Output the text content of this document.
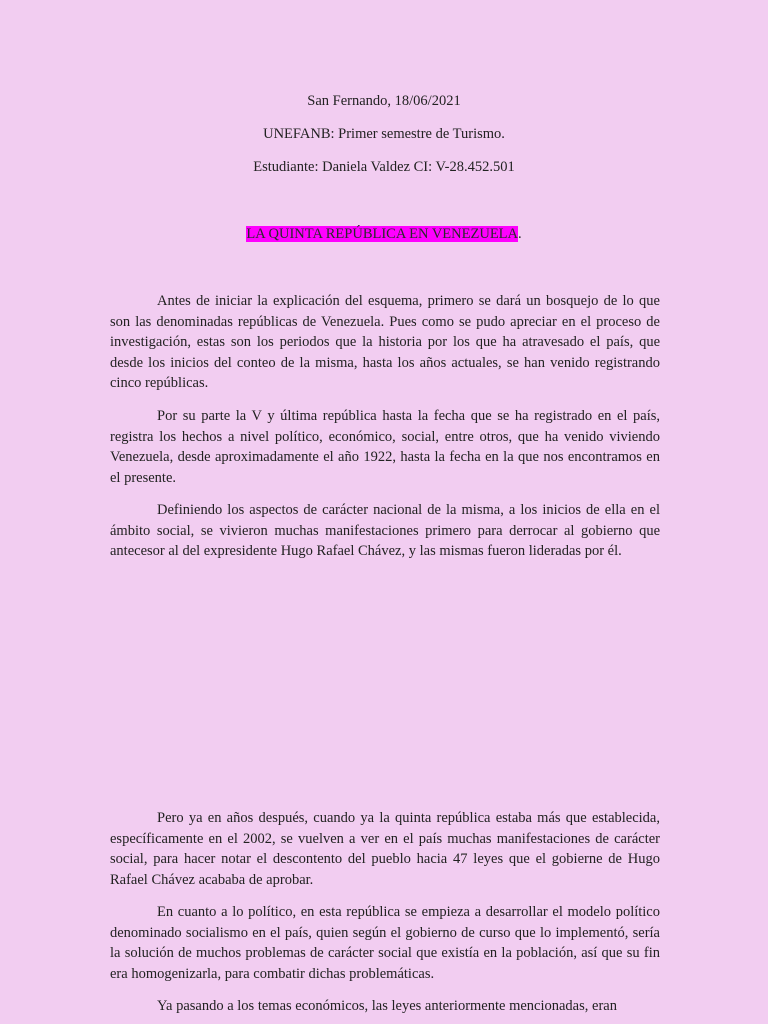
San Fernando, 18/06/2021
UNEFANB: Primer semestre de Turismo.
Estudiante: Daniela Valdez CI: V-28.452.501
LA QUINTA REPÚBLICA EN VENEZUELA.

Antes de iniciar la explicación del esquema, primero se dará un bosquejo de lo que son las denominadas repúblicas de Venezuela. Pues como se pudo apreciar en el proceso de investigación, estas son los periodos que la historia por los que ha atravesado el país, que desde los inicios del conteo de la misma, hasta los años actuales, se han venido registrando cinco repúblicas.

Por su parte la V y última república hasta la fecha que se ha registrado en el país, registra los hechos a nivel político, económico, social, entre otros, que ha venido viviendo Venezuela, desde aproximadamente el año 1922, hasta la fecha en la que nos encontramos en el presente.

Definiendo los aspectos de carácter nacional de la misma, a los inicios de ella en el ámbito social, se vivieron muchas manifestaciones primero para derrocar al gobierno que antecesor al del expresidente Hugo Rafael Chávez, y las mismas fueron lideradas por él.

Pero ya en años después, cuando ya la quinta república estaba más que establecida, específicamente en el 2002, se vuelven a ver en el país muchas manifestaciones de carácter social, para hacer notar el descontento del pueblo hacia 47 leyes que el gobierne de Hugo Rafael Chávez acababa de aprobar.

En cuanto a lo político, en esta república se empieza a desarrollar el modelo político denominado socialismo en el país, quien según el gobierno de curso que lo implementó, sería la solución de muchos problemas de carácter social que existía en la población, así que su fin era homogenizarla, para combatir dichas problemáticas.

Ya pasando a los temas económicos, las leyes anteriormente mencionadas, eran
